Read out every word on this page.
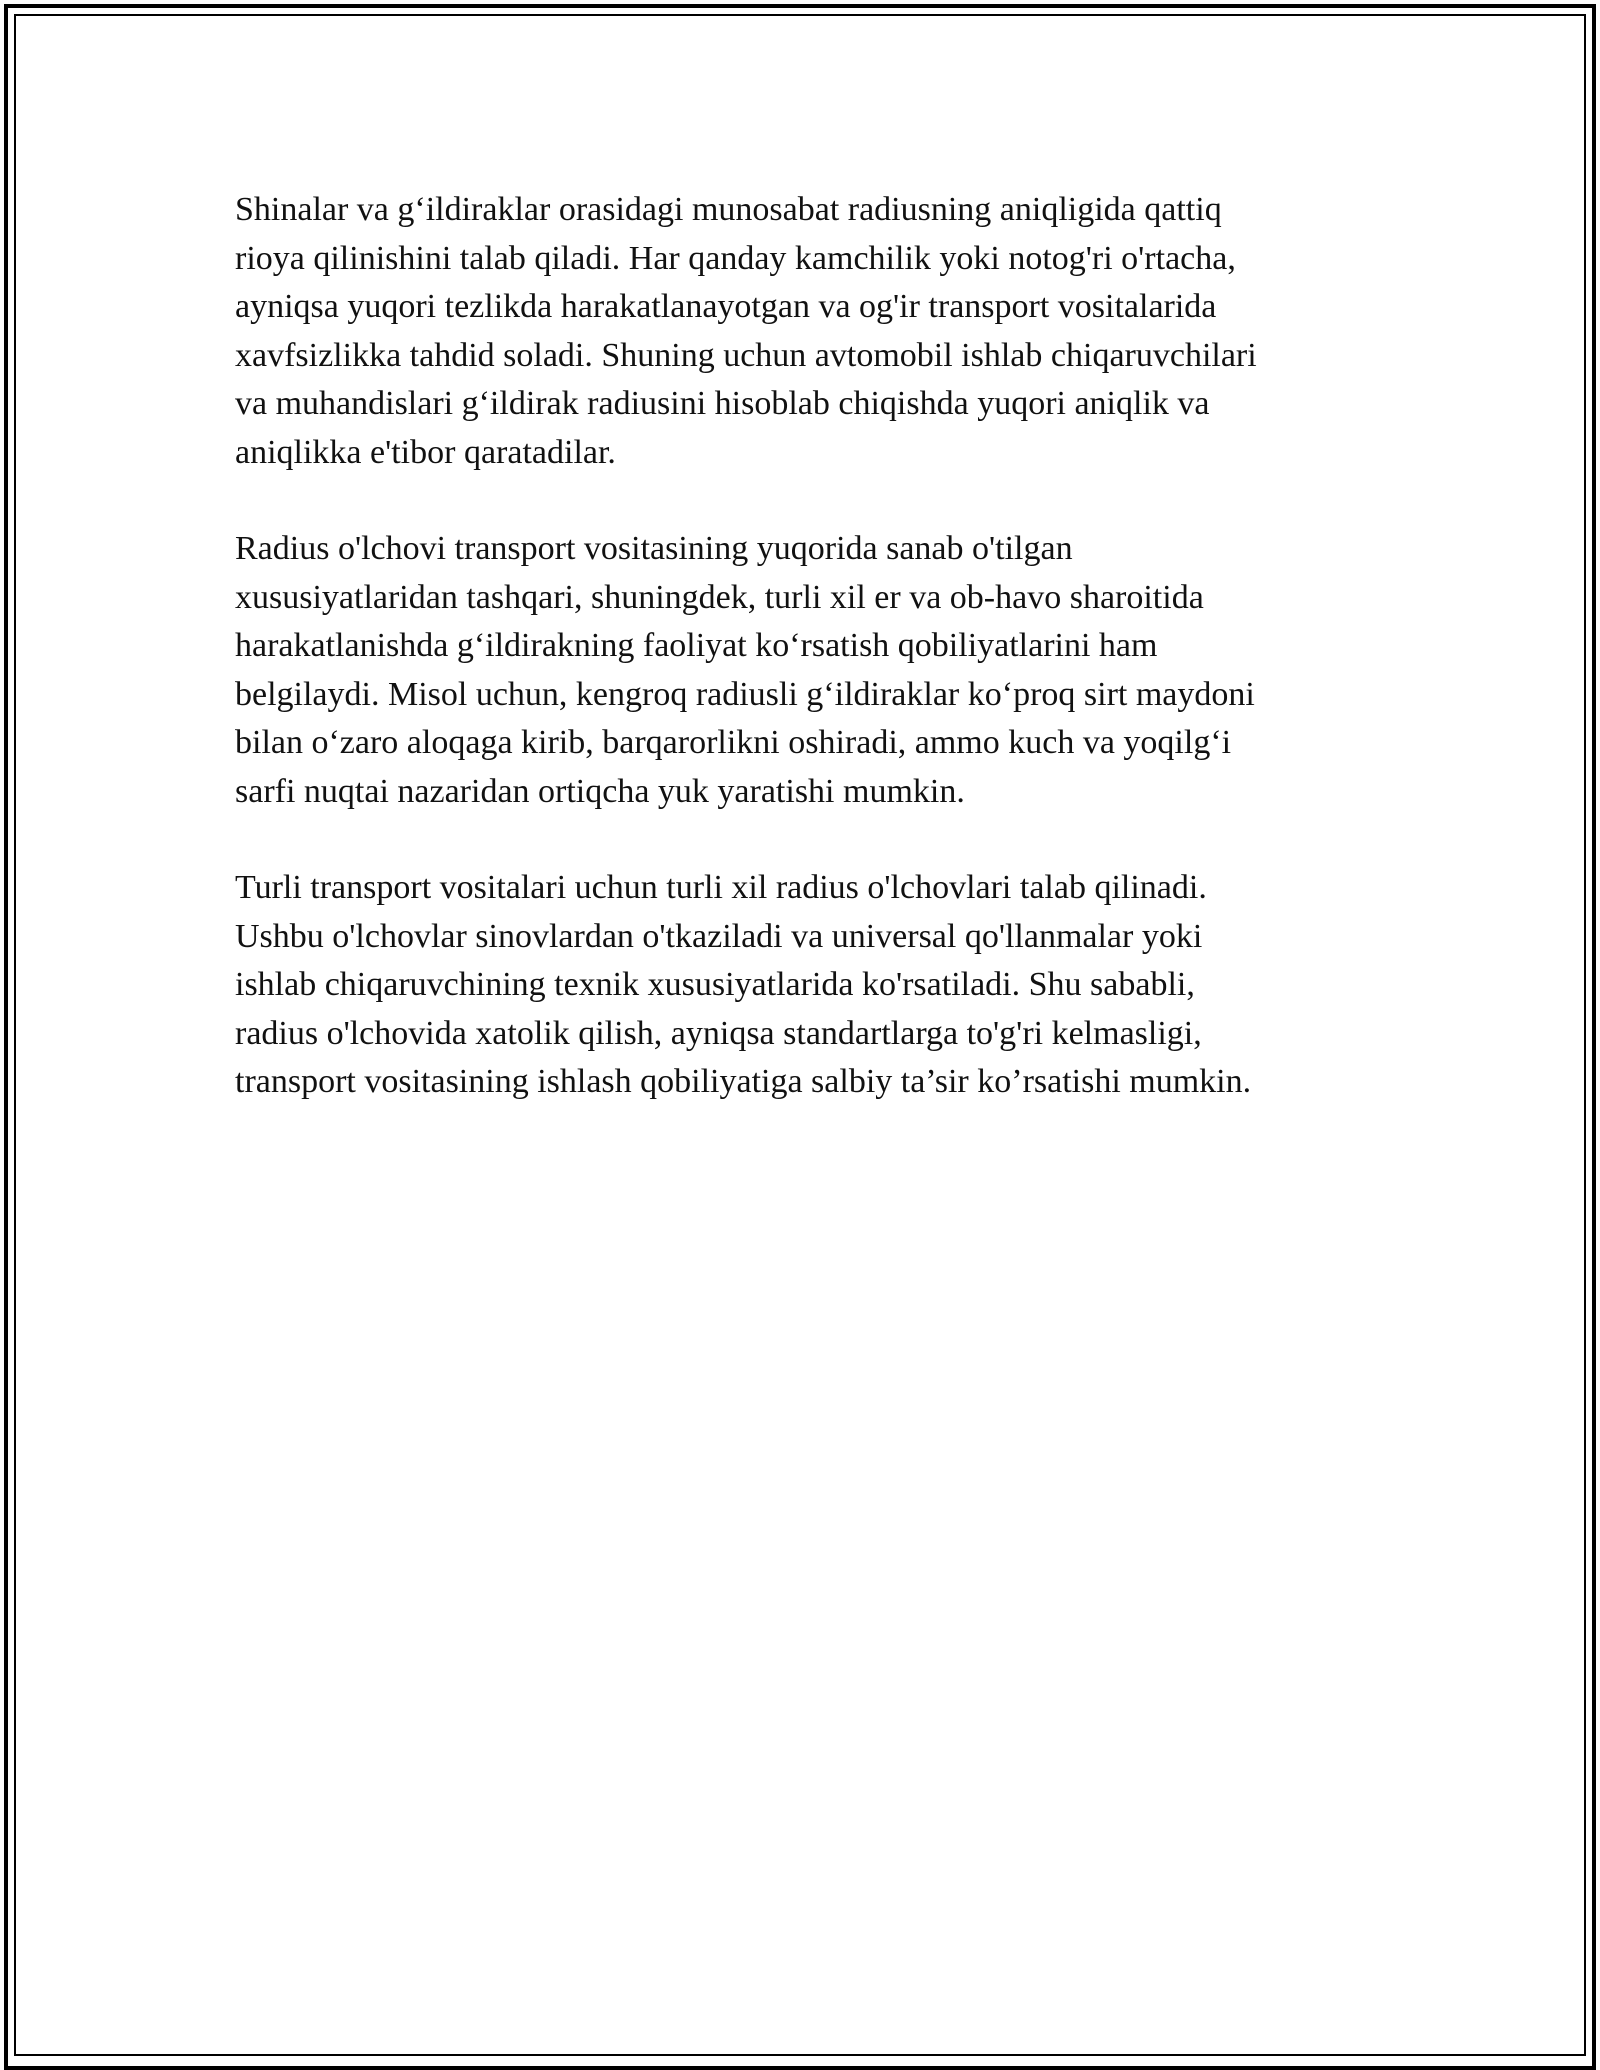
Shinalar va g‘ildiraklar orasidagi munosabat radiusning aniqligida qattiq
rioya qilinishini talab qiladi. Har qanday kamchilik yoki notog'ri o'rtacha,
ayniqsa yuqori tezlikda harakatlanayotgan va og'ir transport vositalarida
xavfsizlikka tahdid soladi. Shuning uchun avtomobil ishlab chiqaruvchilari
va muhandislari g‘ildirak radiusini hisoblab chiqishda yuqori aniqlik va
aniqlikka e'tibor qaratadilar.

Radius o'lchovi transport vositasining yuqorida sanab o'tilgan
xususiyatlaridan tashqari, shuningdek, turli xil er va ob-havo sharoitida
harakatlanishda g‘ildirakning faoliyat ko‘rsatish qobiliyatlarini ham
belgilaydi. Misol uchun, kengroq radiusli g‘ildiraklar ko‘proq sirt maydoni
bilan o‘zaro aloqaga kirib, barqarorlikni oshiradi, ammo kuch va yoqilg‘i
sarfi nuqtai nazaridan ortiqcha yuk yaratishi mumkin.

Turli transport vositalari uchun turli xil radius o'lchovlari talab qilinadi.
Ushbu o'lchovlar sinovlardan o'tkaziladi va universal qo'llanmalar yoki
ishlab chiqaruvchining texnik xususiyatlarida ko'rsatiladi. Shu sababli,
radius o'lchovida xatolik qilish, ayniqsa standartlarga to'g'ri kelmasligi,
transport vositasining ishlash qobiliyatiga salbiy ta’sir ko’rsatishi mumkin.
